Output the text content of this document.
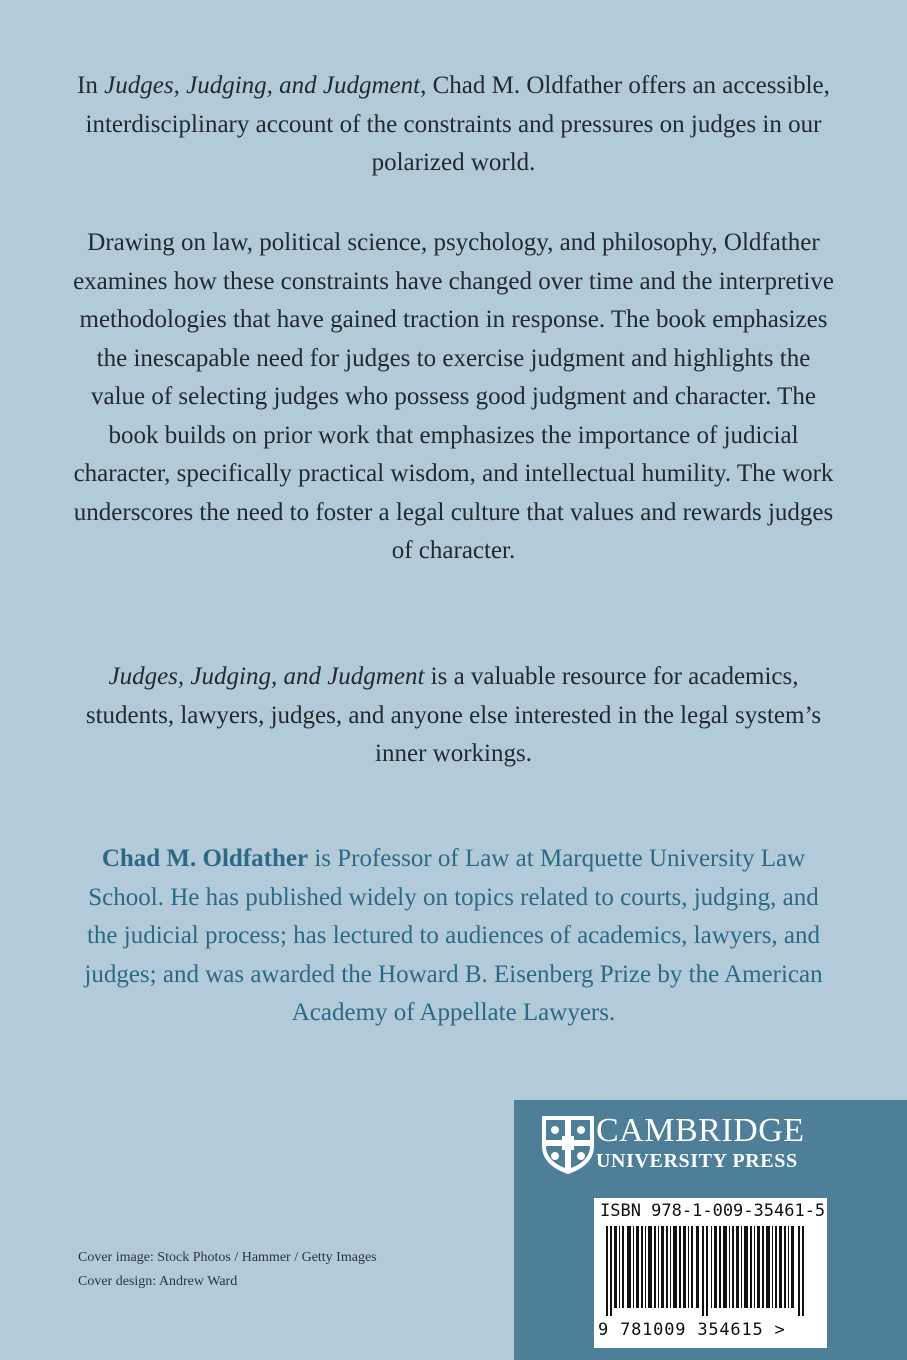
In Judges, Judging, and Judgment, Chad M. Oldfather offers an accessible, interdisciplinary account of the constraints and pressures on judges in our polarized world.

Drawing on law, political science, psychology, and philosophy, Oldfather examines how these constraints have changed over time and the interpretive methodologies that have gained traction in response. The book emphasizes the inescapable need for judges to exercise judgment and highlights the value of selecting judges who possess good judgment and character. The book builds on prior work that emphasizes the importance of judicial character, specifically practical wisdom, and intellectual humility. The work underscores the need to foster a legal culture that values and rewards judges of character.

Judges, Judging, and Judgment is a valuable resource for academics, students, lawyers, judges, and anyone else interested in the legal system’s inner workings.

Chad M. Oldfather is Professor of Law at Marquette University Law School. He has published widely on topics related to courts, judging, and the judicial process; has lectured to audiences of academics, lawyers, and judges; and was awarded the Howard B. Eisenberg Prize by the American Academy of Appellate Lawyers.

Cover image: Stock Photos / Hammer / Getty Images
Cover design: Andrew Ward
CAMBRIDGE
UNIVERSITY PRESS
ISBN 978-1-009-35461-5
9 781009 354615 >
